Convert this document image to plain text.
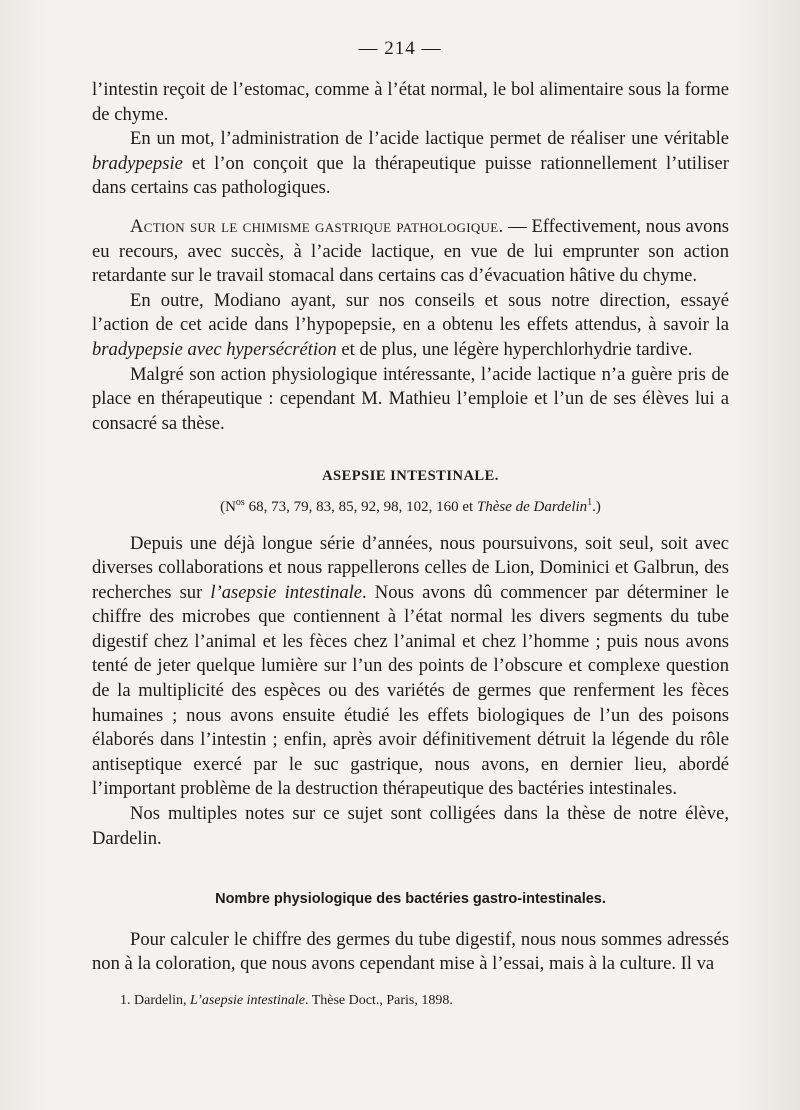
— 214 —

l’intestin reçoit de l’estomac, comme à l’état normal, le bol alimentaire sous la forme de chyme.

En un mot, l’administration de l’acide lactique permet de réaliser une véritable bradypepsie et l’on conçoit que la thérapeutique puisse rationnellement l’utiliser dans certains cas pathologiques.

Action sur le chimisme gastrique pathologique. — Effectivement, nous avons eu recours, avec succès, à l’acide lactique, en vue de lui emprunter son action retardante sur le travail stomacal dans certains cas d’évacuation hâtive du chyme.

En outre, Modiano ayant, sur nos conseils et sous notre direction, essayé l’action de cet acide dans l’hypopepsie, en a obtenu les effets attendus, à savoir la bradypepsie avec hypersécrétion et de plus, une légère hyperchlorhydrie tardive.

Malgré son action physiologique intéressante, l’acide lactique n’a guère pris de place en thérapeutique : cependant M. Mathieu l’emploie et l’un de ses élèves lui a consacré sa thèse.

ASEPSIE INTESTINALE.
($N^{os}$ 68, 73, 79, 83, 85, 92, 98, 102, 160 et Thèse de Dardelin$^1$.)

Depuis une déjà longue série d’années, nous poursuivons, soit seul, soit avec diverses collaborations et nous rappellerons celles de Lion, Dominici et Galbrun, des recherches sur l’asepsie intestinale. Nous avons dû commencer par déterminer le chiffre des microbes que contiennent à l’état normal les divers segments du tube digestif chez l’animal et les fèces chez l’animal et chez l’homme ; puis nous avons tenté de jeter quelque lumière sur l’un des points de l’obscure et complexe question de la multiplicité des espèces ou des variétés de germes que renferment les fèces humaines ; nous avons ensuite étudié les effets biologiques de l’un des poisons élaborés dans l’intestin ; enfin, après avoir définitivement détruit la légende du rôle antiseptique exercé par le suc gastrique, nous avons, en dernier lieu, abordé l’important problème de la destruction thérapeutique des bactéries intestinales.

Nos multiples notes sur ce sujet sont colligées dans la thèse de notre élève, Dardelin.

Nombre physiologique des bactéries gastro-intestinales.

Pour calculer le chiffre des germes du tube digestif, nous nous sommes adressés non à la coloration, que nous avons cependant mise à l’essai, mais à la culture. Il va

1. Dardelin, L’asepsie intestinale. Thèse Doct., Paris, 1898.
